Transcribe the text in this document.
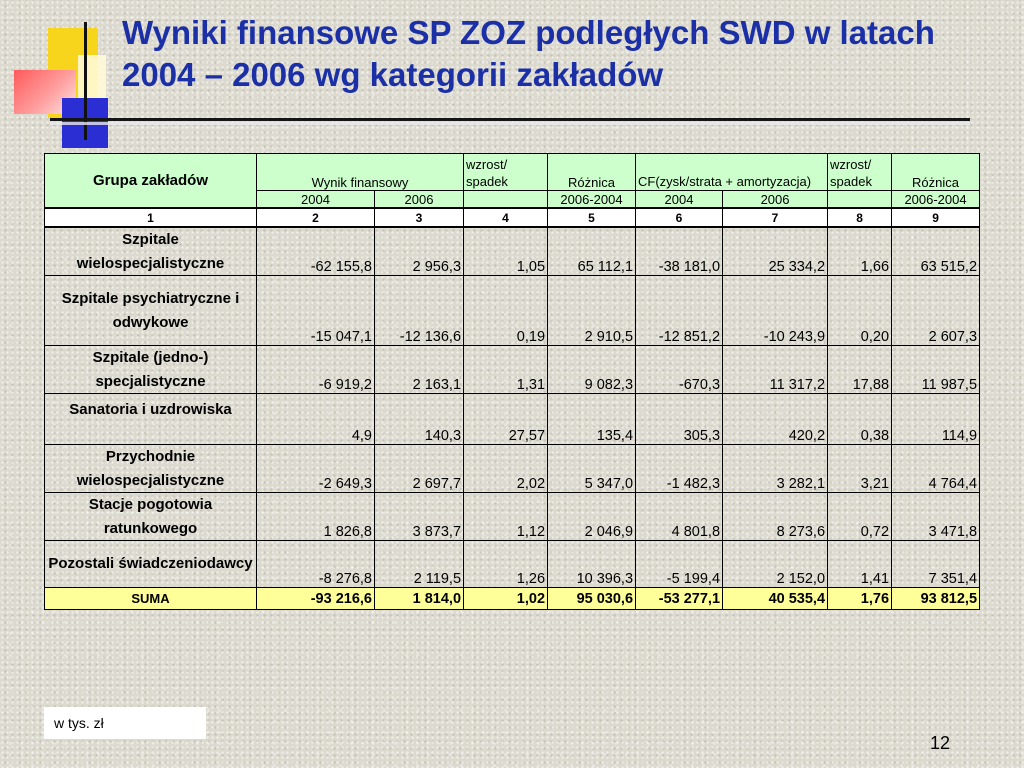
Wyniki finansowe SP ZOZ podległych SWD w latach 2004 – 2006 wg kategorii zakładów
Grupa zakładów	Wynik finansowy		wzrost/ spadek	Różnica	CF(zysk/strata + amortyzacja)		wzrost/ spadek	Różnica
	2004	2006		2006-2004	2004	2006		2006-2004
1	2	3	4	5	6	7	8	9
Szpitale wielospecjalistyczne	-62 155,8	2 956,3	1,05	65 112,1	-38 181,0	25 334,2	1,66	63 515,2
Szpitale psychiatryczne i odwykowe	-15 047,1	-12 136,6	0,19	2 910,5	-12 851,2	-10 243,9	0,20	2 607,3
Szpitale (jedno-) specjalistyczne	-6 919,2	2 163,1	1,31	9 082,3	-670,3	11 317,2	17,88	11 987,5
Sanatoria i uzdrowiska	4,9	140,3	27,57	135,4	305,3	420,2	0,38	114,9
Przychodnie wielospecjalistyczne	-2 649,3	2 697,7	2,02	5 347,0	-1 482,3	3 282,1	3,21	4 764,4
Stacje pogotowia ratunkowego	1 826,8	3 873,7	1,12	2 046,9	4 801,8	8 273,6	0,72	3 471,8
Pozostali świadczeniodawcy	-8 276,8	2 119,5	1,26	10 396,3	-5 199,4	2 152,0	1,41	7 351,4
SUMA	-93 216,6	1 814,0	1,02	95 030,6	-53 277,1	40 535,4	1,76	93 812,5
w tys. zł
12
